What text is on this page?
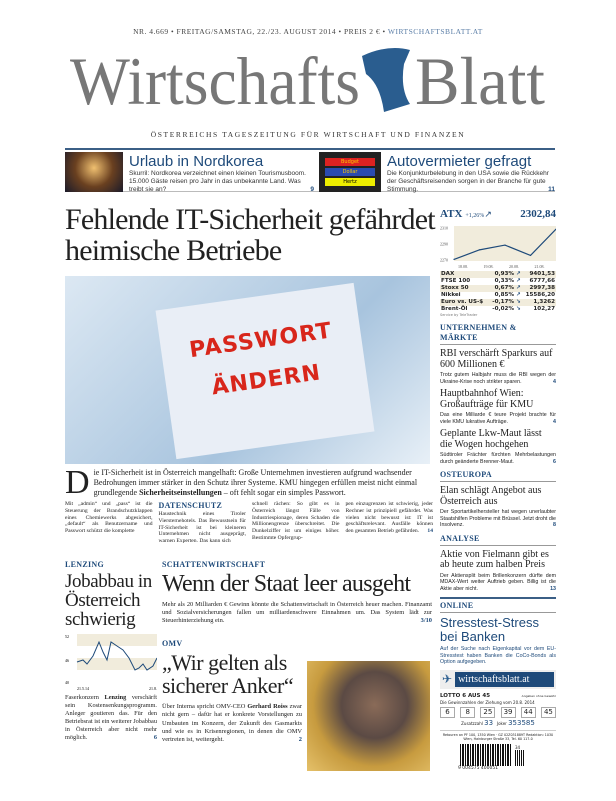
NR. 4.669 • FREITAG/SAMSTAG, 22./23. AUGUST 2014 • PREIS 2 € • WIRTSCHAFTSBLATT.AT
Wirtschafts Blatt
ÖSTERREICHS TAGESZEITUNG FÜR WIRTSCHAFT UND FINANZEN
Urlaub in Nordkorea

Skurril: Nordkorea verzeichnet einen kleinen Tourismusboom. 15.000 Gäste reisen pro Jahr in das unbekannte Land. Was treibt sie an?	9

Budget
Dollar
Hertz
Autovermieter gefragt

Die Konjunkturbelebung in den USA sowie die Rückkehr der Geschäftsreisenden sorgen in der Branche für gute Stimmung.	11

Fehlende IT-Sicherheit gefährdet heimische Betriebe
PASSWORT ÄNDERN
Die IT-Sicherheit ist in Österreich mangelhaft: Große Unternehmen investieren aufgrund wachsender Bedrohungen immer stärker in den Schutz ihrer Systeme. KMU hingegen erfüllen meist nicht einmal grundlegende Sicherheitseinstellungen – oft fehlt sogar ein simples Passwort.
Mit „admin“ und „pass“ ist die Steuerung der Brandschutzklappen eines Chemiewerks abgesichert, „default“ als Benutzername und Passwort schützt die komplette
DATENSCHUTZ
Haustechnik eines Tiroler Viersternehotels. Das Bewusstsein für IT-Sicherheit ist bei kleineren Unternehmen nicht ausgeprägt, warnen Experten. Das kann sich
schnell rächen: So gibt es in Österreich längst Fälle von Industriespionage, deren Schaden die Millionengrenze überschreitet. Die Dunkelziffer ist um einiges höher. Bestimmte Opfergrup-
pen einzugrenzen ist schwierig, jeder Rechner ist prinzipiell gefährdet. Was vielen nicht bewusst ist: IT ist geschäftsrelevant. Ausfälle können den gesamten Betrieb gefährden. 14
ATX +1,26% ↗	2302,84
2310
2290
2270
18.08.	19.08.	20.08.	21.08.
DAX	0,93% ↗	9401,53
FTSE 100	0,33% ↗	6777,66
Stoxx 50	0,67% ↗	2997,38
Nikkei	0,85% ↗	15586,20
Euro vs. US-$	-0,17% ↘	1,3262
Brent-Öl	-0,02% ↘	102,27
Service by TeleTrader
UNTERNEHMEN & MÄRKTE
RBI verschärft Sparkurs auf 600 Millionen €
Trotz gutem Halbjahr muss die RBI wegen der Ukraine-Krise noch strikter sparen.	4
Hauptbahnhof Wien: Großaufträge für KMU
Das eine Milliarde € teure Projekt brachte für viele KMU lukrative Aufträge.	4
Geplante Lkw-Maut lässt die Wogen hochgehen
Südtiroler Frächter fürchten Mehrbelastungen durch geänderte Brenner-Maut.	6
OSTEUROPA
Elan schlägt Angebot aus Österreich aus
Der Sportartikelhersteller hat wegen unerlaubter Staatshilfen Probleme mit Brüssel. Jetzt droht die Insolvenz.	8
ANALYSE
Aktie von Fielmann gibt es ab heute zum halben Preis
Der Aktiensplit beim Brillenkonzern dürfte dem MDAX-Wert weiter Auftrieb geben. Billig ist die Aktie aber nicht.	13
ONLINE
Stresstest-Stress bei Banken
Auf der Suche nach Eigenkapital vor dem EU-Stresstest haben Banken die CoCo-Bonds als Option aufgegeben.
✈ wirtschaftsblatt.at
LOTTO 6 AUS 45	Angaben ohne Gewähr
Die Gewinnzahlen der Ziehung vom 20.8. 2014
6	8	25	39	44	45
Zusatzzahl 33 Joker 353585
Retouren an PF 100, 1350 Wien · GZ 02Z031889T Redaktion: 1030 Wien, Hainburger Straße 33, Tel. 60 117-0
34
9 004575 400051
LENZING
Jobabbau in Österreich schwierig
52
46
40
21.5.14	21.8.
Faserkonzern Lenzing verschärft sein Kostensenkungsprogramm. Anleger goutieren das. Für den Betriebsrat ist ein weiterer Jobabbau in Österreich aber nicht mehr möglich.	6
SCHATTENWIRTSCHAFT
Wenn der Staat leer ausgeht
Mehr als 20 Milliarden € Gewinn könnte die Schattenwirtschaft in Österreich heuer machen. Finanzamt und Sozialversicherungen fallen um milliardenschwere Einnahmen um. Das System lädt zur Steuerhinterziehung ein.	3/10
OMV
„Wir gelten als sicherer Anker“
Über Interna spricht OMV-CEO Gerhard Roiss zwar nicht gern – dafür hat er konkrete Vorstellungen zu Umbauten im Konzern, der Zukunft des Gasmarkts und wie es in Krisenregionen, in denen die OMV vertreten ist, weitergeht.	2
